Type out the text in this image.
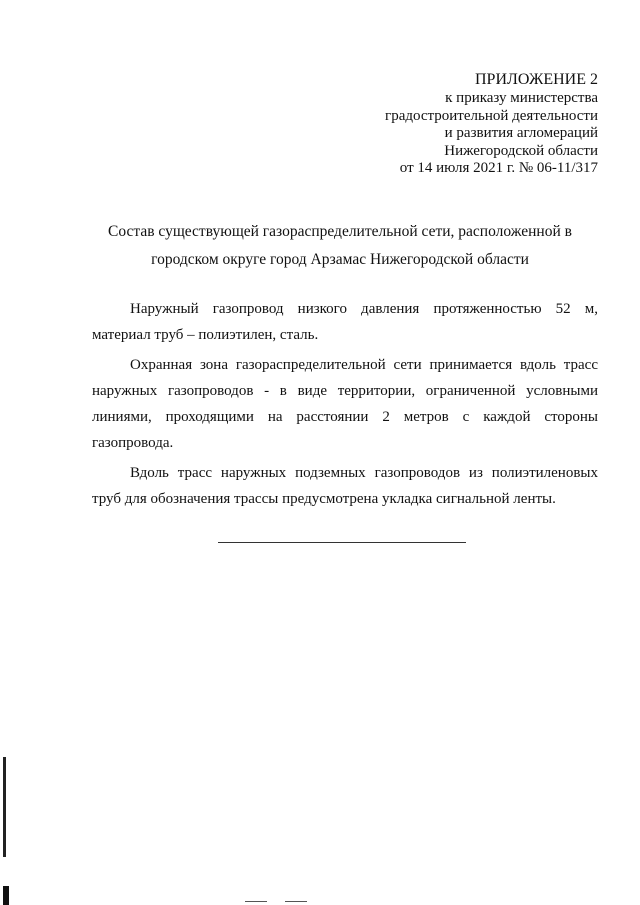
ПРИЛОЖЕНИЕ 2
к приказу министерства
градостроительной деятельности
и развития агломераций
Нижегородской области
от 14 июля 2021 г. № 06-11/317
Состав существующей газораспределительной сети, расположенной в
городском округе город Арзамас Нижегородской области

Наружный газопровод низкого давления протяженностью 52 м, материал труб – полиэтилен, сталь.

Охранная зона газораспределительной сети принимается вдоль трасс наружных газопроводов - в виде территории, ограниченной условными линиями, проходящими на расстоянии 2 метров с каждой стороны газопровода.

Вдоль трасс наружных подземных газопроводов из полиэтиленовых труб для обозначения трассы предусмотрена укладка сигнальной ленты.
